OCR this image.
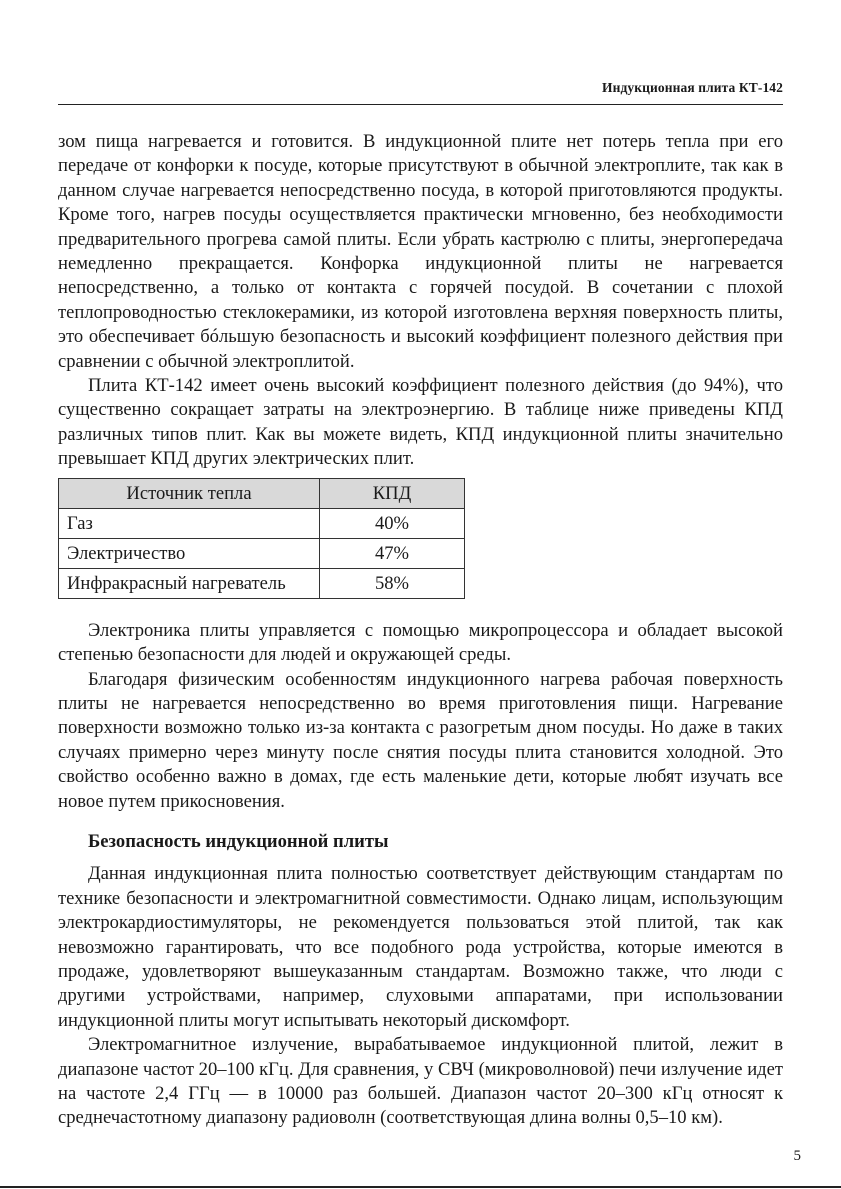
Индукционная плита КТ-142

зом пища нагревается и готовится. В индукционной плите нет потерь тепла при его передаче от конфорки к посуде, которые присутствуют в обычной электроплите, так как в данном случае нагревается непосредственно посуда, в которой приготовляются продукты. Кроме того, нагрев посуды осуществляется практически мгновенно, без необходимости предварительного прогрева самой плиты. Если убрать кастрюлю с плиты, энергопередача немедленно прекращается. Конфорка индукционной плиты не нагревается непосредственно, а только от контакта с горячей посудой. В сочетании с плохой теплопроводностью стеклокерамики, из которой изготовлена верхняя поверхность плиты, это обеспечивает бóльшую безопасность и высокий коэффициент полезного действия при сравнении с обычной электроплитой.

Плита КТ-142 имеет очень высокий коэффициент полезного действия (до 94%), что существенно сокращает затраты на электроэнергию. В таблице ниже приведены КПД различных типов плит. Как вы можете видеть, КПД индукционной плиты значительно превышает КПД других электрических плит.

Источник тепла	КПД
Газ	40%
Электричество	47%
Инфракрасный нагреватель	58%

Электроника плиты управляется с помощью микропроцессора и обладает высокой степенью безопасности для людей и окружающей среды.

Благодаря физическим особенностям индукционного нагрева рабочая поверхность плиты не нагревается непосредственно во время приготовления пищи. Нагревание поверхности возможно только из-за контакта с разогретым дном посуды. Но даже в таких случаях примерно через минуту после снятия посуды плита становится холодной. Это свойство особенно важно в домах, где есть маленькие дети, которые любят изучать все новое путем прикосновения.

Безопасность индукционной плиты

Данная индукционная плита полностью соответствует действующим стандартам по технике безопасности и электромагнитной совместимости. Однако лицам, использующим электрокардиостимуляторы, не рекомендуется пользоваться этой плитой, так как невозможно гарантировать, что все подобного рода устройства, которые имеются в продаже, удовлетворяют вышеуказанным стандартам. Возможно также, что люди с другими устройствами, например, слуховыми аппаратами, при использовании индукционной плиты могут испытывать некоторый дискомфорт.

Электромагнитное излучение, вырабатываемое индукционной плитой, лежит в диапазоне частот 20–100 кГц. Для сравнения, у СВЧ (микроволновой) печи излучение идет на частоте 2,4 ГГц — в 10000 раз большей. Диапазон частот 20–300 кГц относят к среднечастотному диапазону радиоволн (соответствующая длина волны 0,5–10 км).

5
